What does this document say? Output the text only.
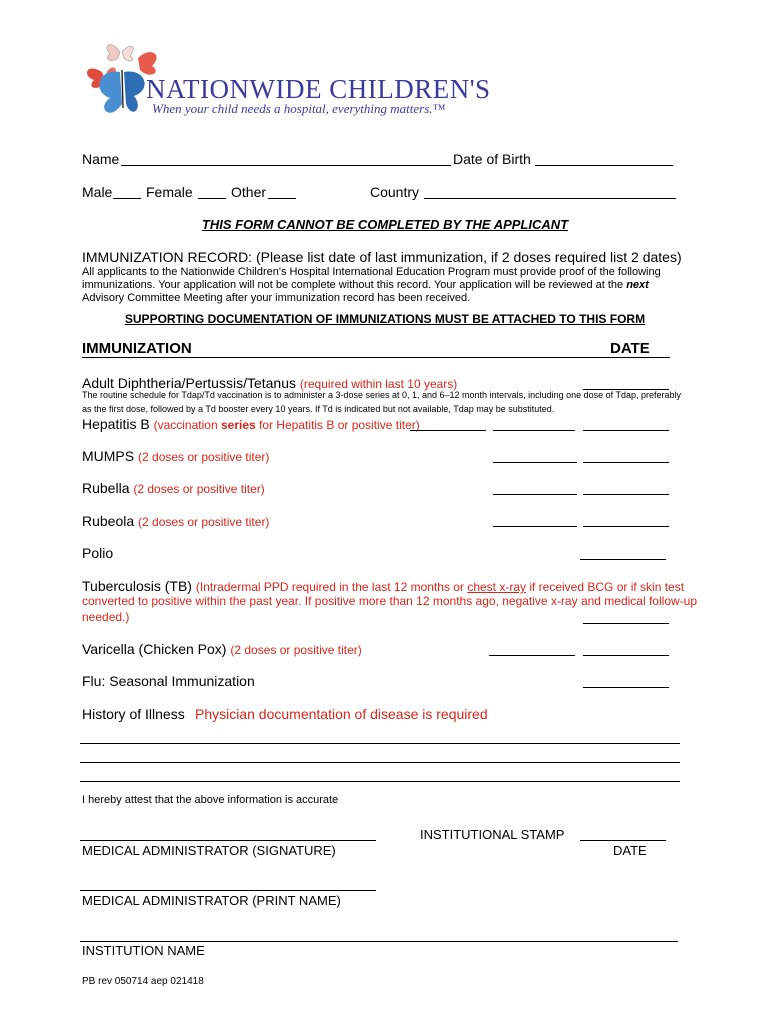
NATIONWIDE CHILDREN'S
When your child needs a hospital, everything matters.™
Name	Date of Birth
Male Female	Other	Country
THIS FORM CANNOT BE COMPLETED BY THE APPLICANT
IMMUNIZATION RECORD: (Please list date of last immunization, if 2 doses required list 2 dates)
All applicants to the Nationwide Children's Hospital International Education Program must provide proof of the following
immunizations. Your application will not be complete without this record. Your application will be reviewed at the next
Advisory Committee Meeting after your immunization record has been received.
SUPPORTING DOCUMENTATION OF IMMUNIZATIONS MUST BE ATTACHED TO THIS FORM
IMMUNIZATION	DATE
Adult Diphtheria/Pertussis/Tetanus (required within last 10 years)
The routine schedule for Tdap/Td vaccination is to administer a 3-dose series at 0, 1, and 6–12 month intervals, including one dose of Tdap, preferably
as the first dose, followed by a Td booster every 10 years. If Td is indicated but not available, Tdap may be substituted.
Hepatitis B (vaccination series for Hepatitis B or positive titer)
MUMPS (2 doses or positive titer)
Rubella (2 doses or positive titer)
Rubeola (2 doses or positive titer)
Polio
Tuberculosis (TB) (Intradermal PPD required in the last 12 months or chest x-ray if received BCG or if skin test
converted to positive within the past year. If positive more than 12 months ago, negative x-ray and medical follow-up
needed.)
Varicella (Chicken Pox) (2 doses or positive titer)
Flu: Seasonal Immunization
History of Illness Physician documentation of disease is required
I hereby attest that the above information is accurate
INSTITUTIONAL STAMP
MEDICAL ADMINISTRATOR (SIGNATURE)	DATE
MEDICAL ADMINISTRATOR (PRINT NAME)
INSTITUTION NAME
PB rev 050714 aep 021418
